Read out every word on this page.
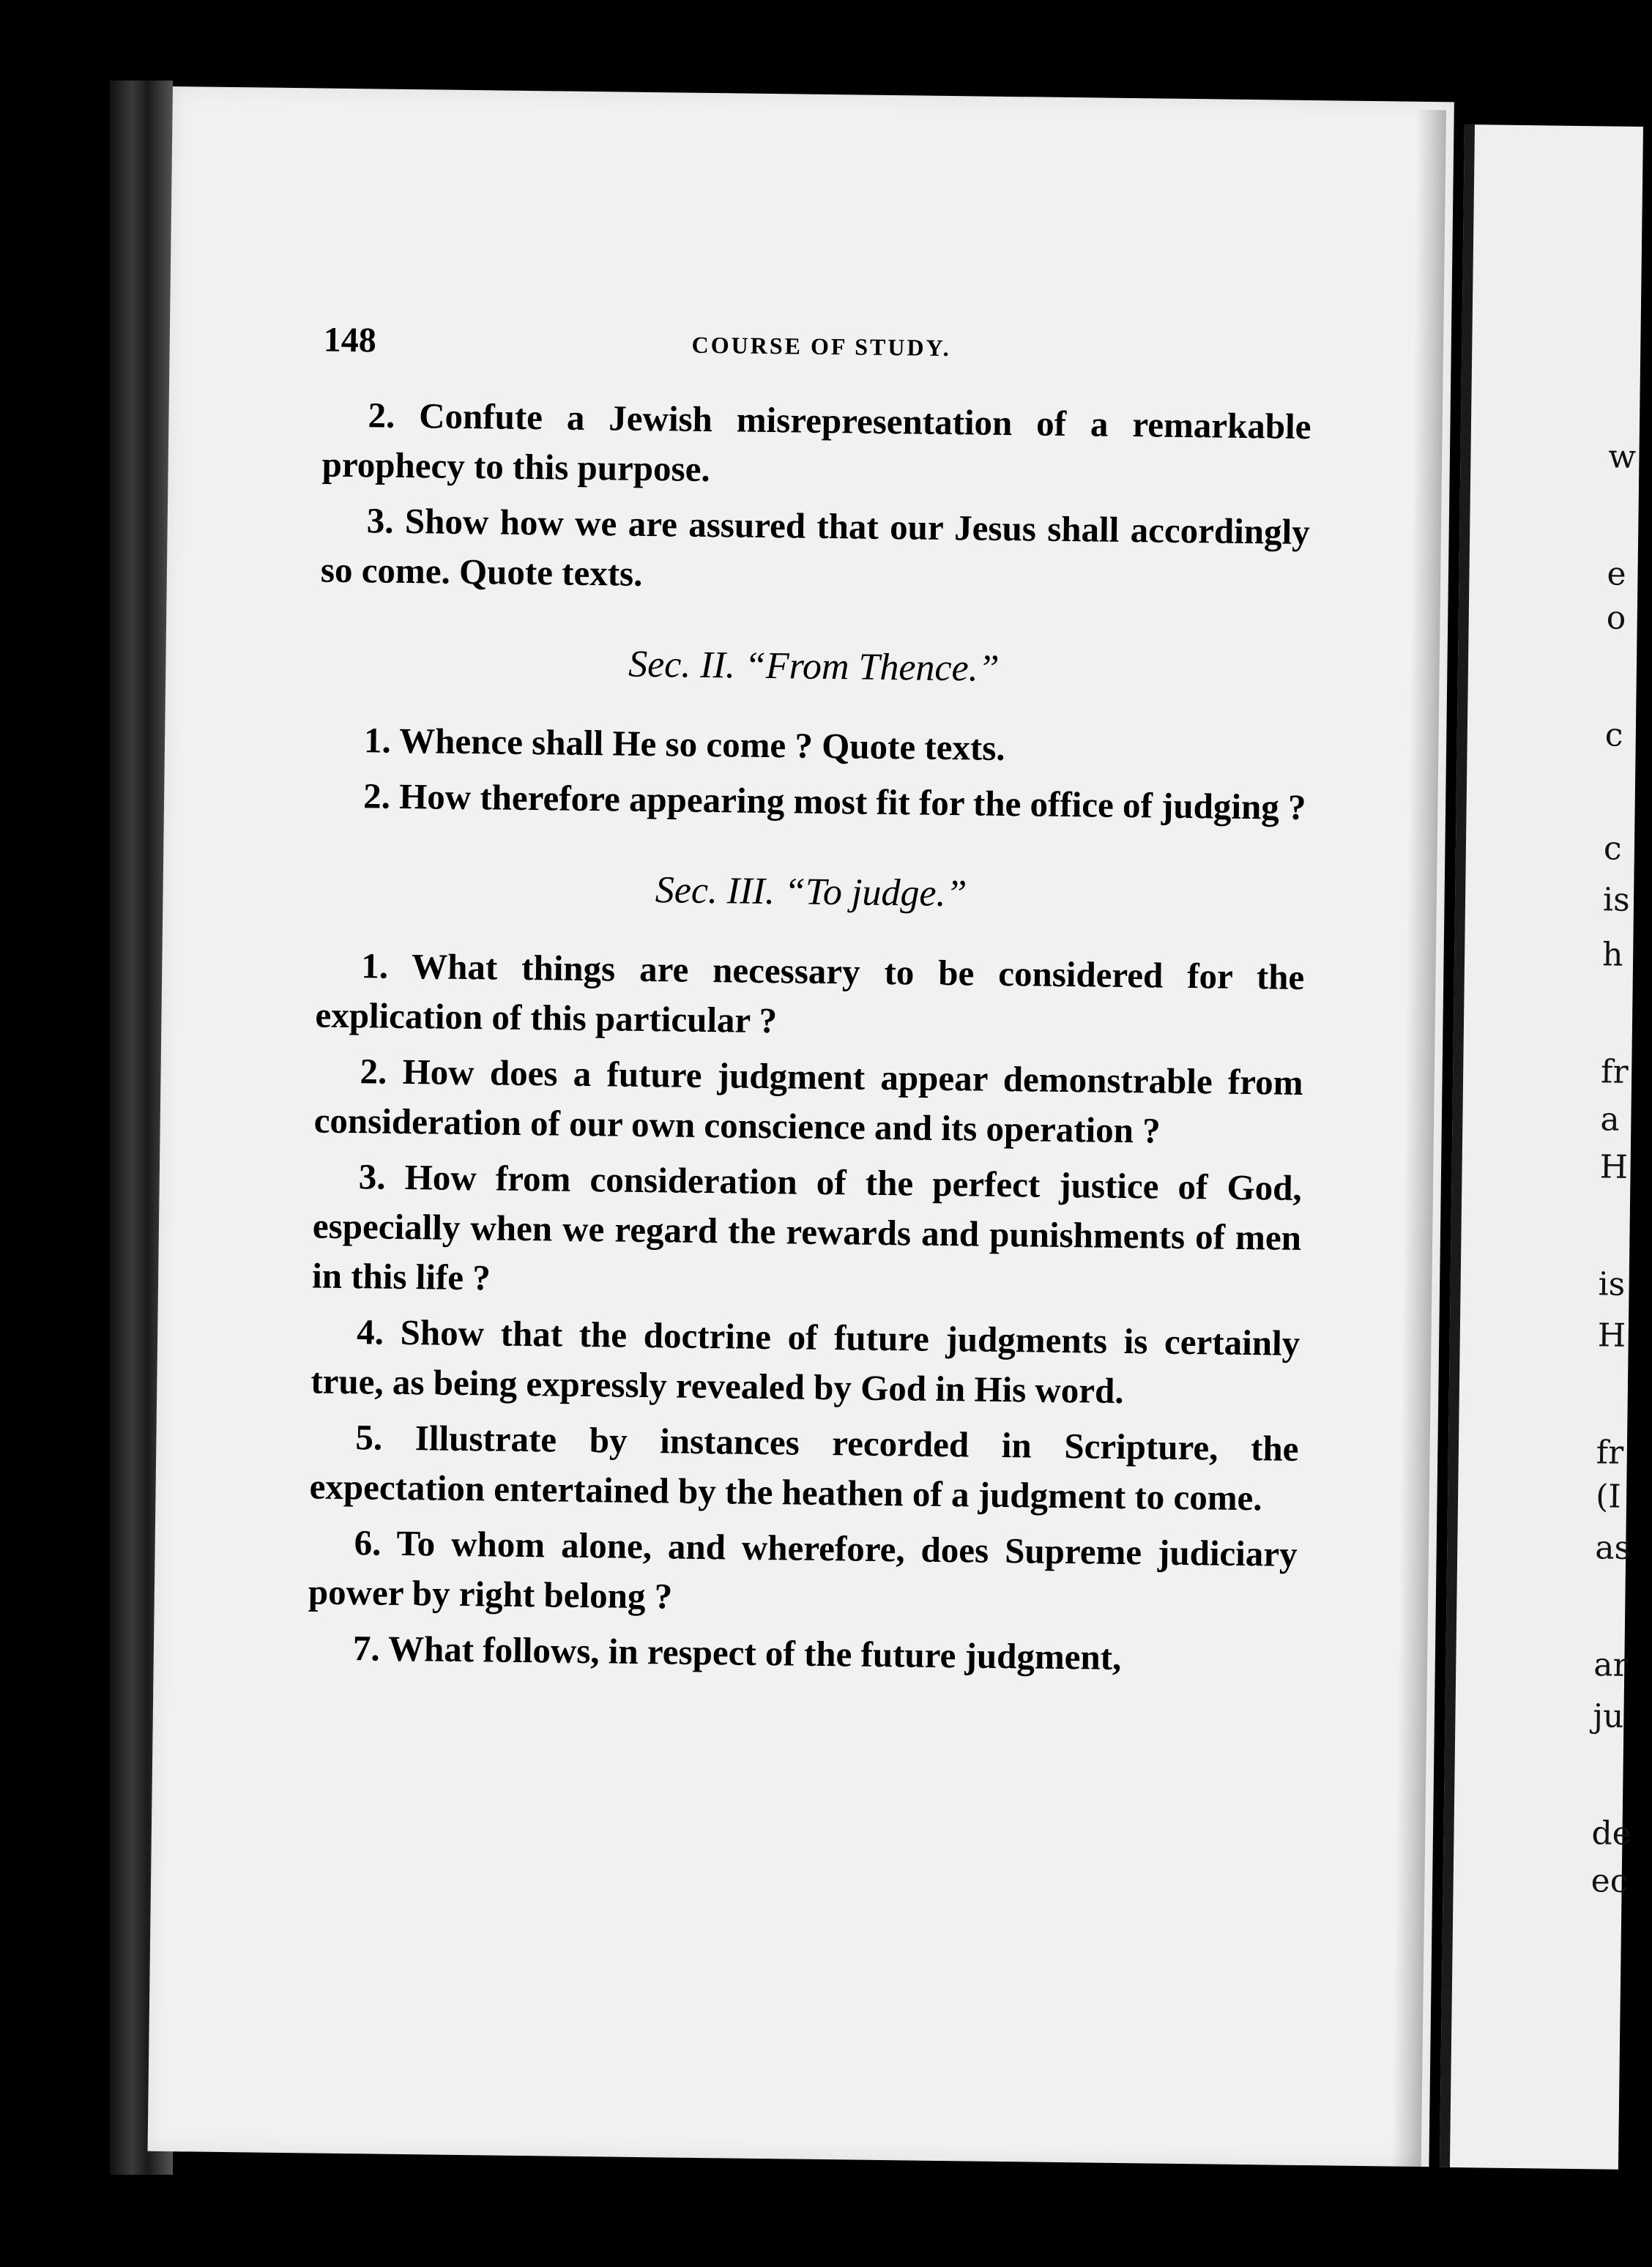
w
e
o
c
c
is
h
fr
a
H
is
H
fr
(I
as
ar
ju
de
ec
148	COURSE OF STUDY.

2. Confute a Jewish misrepresentation of a remarkable prophecy to this purpose.

3. Show how we are assured that our Jesus shall accordingly so come. Quote texts.

Sec. II. “From Thence.”

1. Whence shall He so come ? Quote texts.

2. How therefore appearing most fit for the office of judging ?

Sec. III. “To judge.”

1. What things are necessary to be considered for the explication of this particular ?

2. How does a future judgment appear demonstrable from consideration of our own conscience and its operation ?

3. How from consideration of the perfect justice of God, especially when we regard the rewards and punishments of men in this life ?

4. Show that the doctrine of future judgments is certainly true, as being expressly revealed by God in His word.

5. Illustrate by instances recorded in Scripture, the expectation entertained by the heathen of a judgment to come.

6. To whom alone, and wherefore, does Supreme judiciary power by right belong ?

7. What follows, in respect of the future judgment,
